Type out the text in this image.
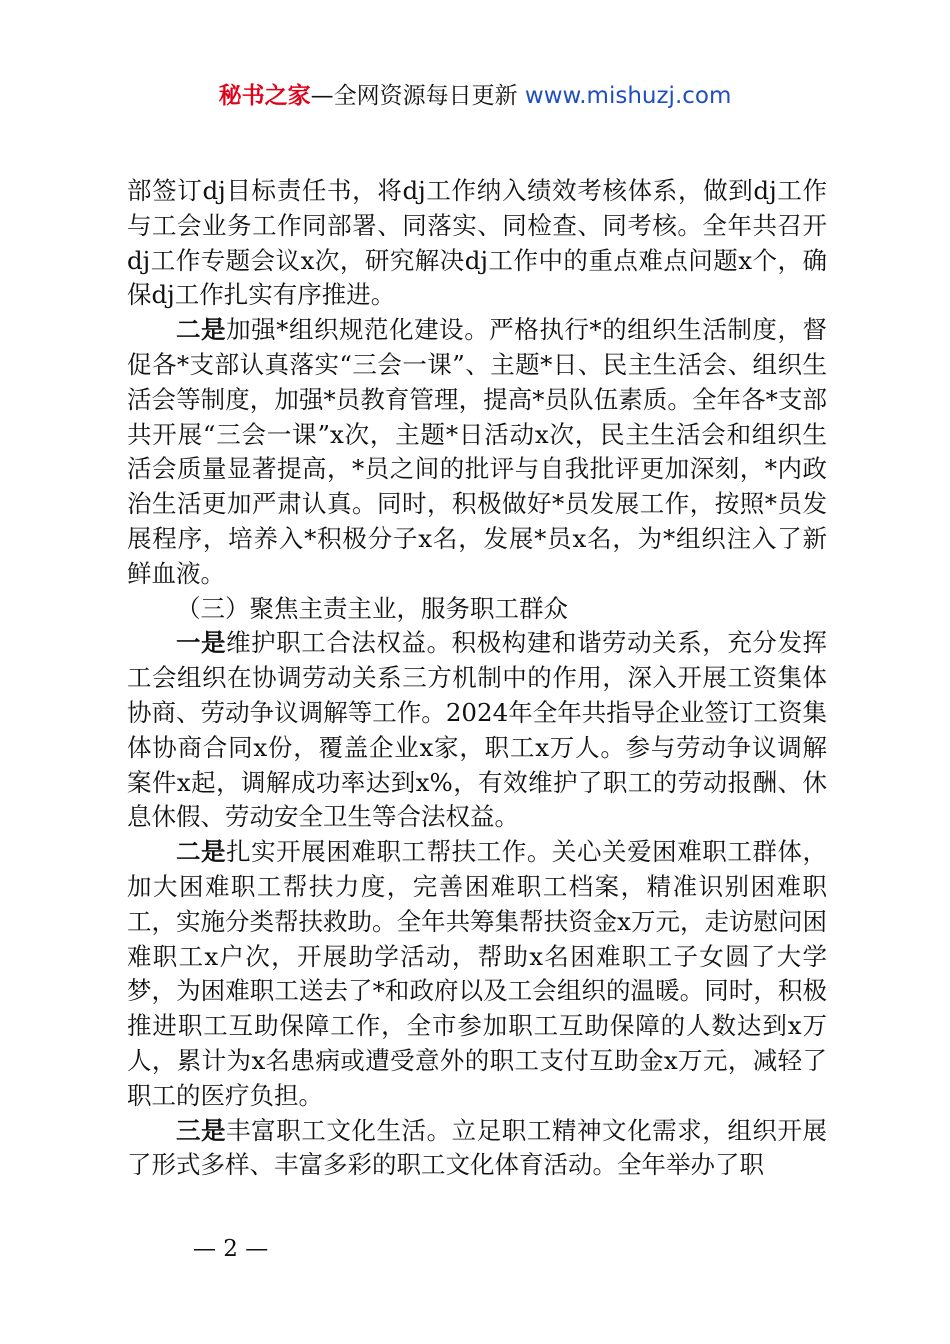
秘书之家—全网资源每日更新 www.mishuzj.com

部签订dj目标责任书，将dj工作纳入绩效考核体系，做到dj工作与工会业务工作同部署、同落实、同检查、同考核。全年共召开dj工作专题会议x次，研究解决dj工作中的重点难点问题x个，确保dj工作扎实有序推进。

二是加强*组织规范化建设。严格执行*的组织生活制度，督促各*支部认真落实“三会一课”、主题*日、民主生活会、组织生活会等制度，加强*员教育管理，提高*员队伍素质。全年各*支部共开展“三会一课”x次，主题*日活动x次，民主生活会和组织生活会质量显著提高，*员之间的批评与自我批评更加深刻，*内政治生活更加严肃认真。同时，积极做好*员发展工作，按照*员发展程序，培养入*积极分子x名，发展*员x名，为*组织注入了新鲜血液。

（三）聚焦主责主业，服务职工群众

一是维护职工合法权益。积极构建和谐劳动关系，充分发挥工会组织在协调劳动关系三方机制中的作用，深入开展工资集体协商、劳动争议调解等工作。2024年全年共指导企业签订工资集体协商合同x份，覆盖企业x家，职工x万人。参与劳动争议调解案件x起，调解成功率达到x%，有效维护了职工的劳动报酬、休息休假、劳动安全卫生等合法权益。

二是扎实开展困难职工帮扶工作。关心关爱困难职工群体，加大困难职工帮扶力度，完善困难职工档案，精准识别困难职工，实施分类帮扶救助。全年共筹集帮扶资金x万元，走访慰问困难职工x户次，开展助学活动，帮助x名困难职工子女圆了大学梦，为困难职工送去了*和政府以及工会组织的温暖。同时，积极推进职工互助保障工作，全市参加职工互助保障的人数达到x万人，累计为x名患病或遭受意外的职工支付互助金x万元，减轻了职工的医疗负担。

三是丰富职工文化生活。立足职工精神文化需求，组织开展了形式多样、丰富多彩的职工文化体育活动。全年举办了职

— 2 —
